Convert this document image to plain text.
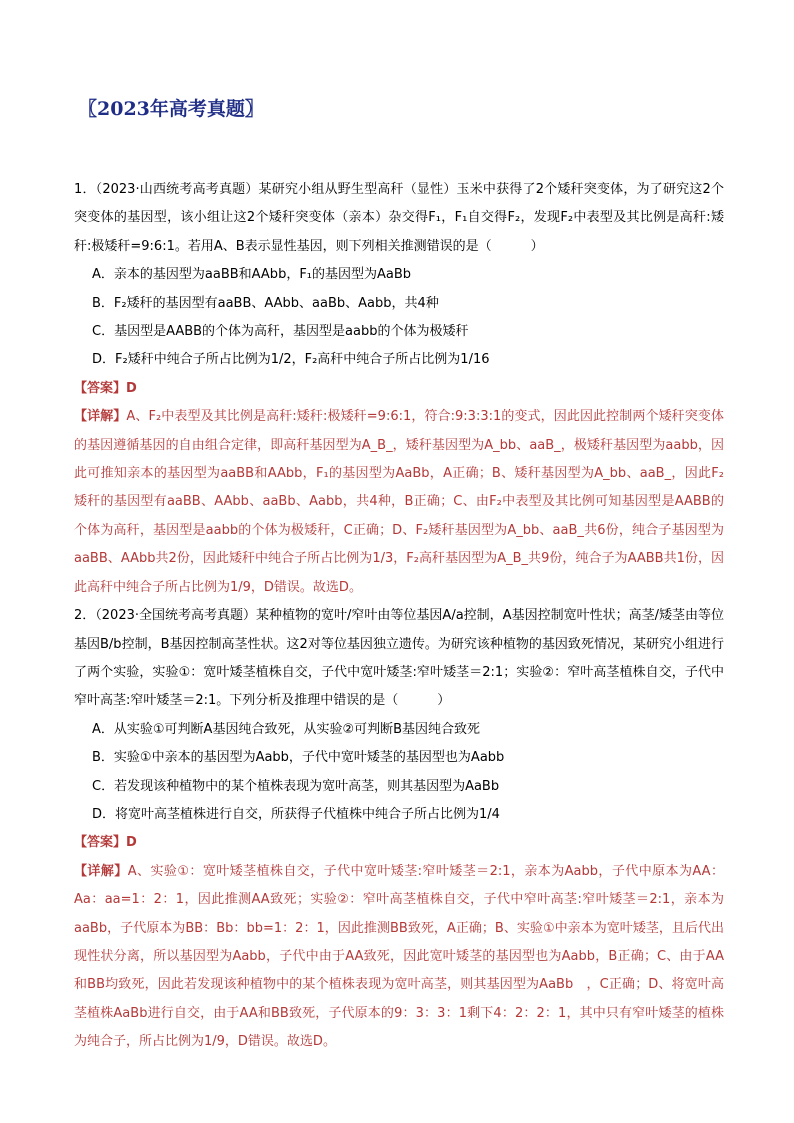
〖2023年高考真题〗

1．（2023·山西统考高考真题）某研究小组从野生型高秆（显性）玉米中获得了2个矮秆突变体，为了研究这2个突变体的基因型，该小组让这2个矮秆突变体（亲本）杂交得F₁，F₁自交得F₂，发现F₂中表型及其比例是高秆:矮秆:极矮秆=9:6:1。若用A、B表示显性基因，则下列相关推测错误的是（　　　）

A．亲本的基因型为aaBB和AAbb，F₁的基因型为AaBb

B．F₂矮秆的基因型有aaBB、AAbb、aaBb、Aabb，共4种

C．基因型是AABB的个体为高秆，基因型是aabb的个体为极矮秆

D．F₂矮秆中纯合子所占比例为1/2，F₂高秆中纯合子所占比例为1/16

【答案】D

【详解】A、F₂中表型及其比例是高秆:矮秆:极矮秆=9:6:1，符合:9:3:3:1的变式，因此因此控制两个矮秆突变体的基因遵循基因的自由组合定律，即高秆基因型为A_B_，矮秆基因型为A_bb、aaB_，极矮秆基因型为aabb，因此可推知亲本的基因型为aaBB和AAbb，F₁的基因型为AaBb，A正确；B、矮秆基因型为A_bb、aaB_，因此F₂矮秆的基因型有aaBB、AAbb、aaBb、Aabb，共4种，B正确；C、由F₂中表型及其比例可知基因型是AABB的个体为高秆，基因型是aabb的个体为极矮秆，C正确；D、F₂矮秆基因型为A_bb、aaB_共6份，纯合子基因型为aaBB、AAbb共2份，因此矮秆中纯合子所占比例为1/3，F₂高秆基因型为A_B_共9份，纯合子为AABB共1份，因此高秆中纯合子所占比例为1/9，D错误。故选D。

2．（2023·全国统考高考真题）某种植物的宽叶/窄叶由等位基因A/a控制，A基因控制宽叶性状；高茎/矮茎由等位基因B/b控制，B基因控制高茎性状。这2对等位基因独立遗传。为研究该种植物的基因致死情况，某研究小组进行了两个实验，实验①：宽叶矮茎植株自交，子代中宽叶矮茎:窄叶矮茎＝2:1；实验②：窄叶高茎植株自交，子代中窄叶高茎:窄叶矮茎＝2:1。下列分析及推理中错误的是（　　　）

A．从实验①可判断A基因纯合致死，从实验②可判断B基因纯合致死

B．实验①中亲本的基因型为Aabb，子代中宽叶矮茎的基因型也为Aabb

C．若发现该种植物中的某个植株表现为宽叶高茎，则其基因型为AaBb

D．将宽叶高茎植株进行自交，所获得子代植株中纯合子所占比例为1/4

【答案】D

【详解】A、实验①：宽叶矮茎植株自交，子代中宽叶矮茎:窄叶矮茎＝2:1，亲本为Aabb，子代中原本为AA：Aa：aa=1：2：1，因此推测AA致死；实验②：窄叶高茎植株自交，子代中窄叶高茎:窄叶矮茎＝2:1，亲本为aaBb，子代原本为BB：Bb：bb=1：2：1，因此推测BB致死，A正确；B、实验①中亲本为宽叶矮茎，且后代出现性状分离，所以基因型为Aabb，子代中由于AA致死，因此宽叶矮茎的基因型也为Aabb，B正确；C、由于AA和BB均致死，因此若发现该种植物中的某个植株表现为宽叶高茎，则其基因型为AaBb　，C正确；D、将宽叶高茎植株AaBb进行自交，由于AA和BB致死，子代原本的9：3：3：1剩下4：2：2：1，其中只有窄叶矮茎的植株为纯合子，所占比例为1/9，D错误。故选D。
